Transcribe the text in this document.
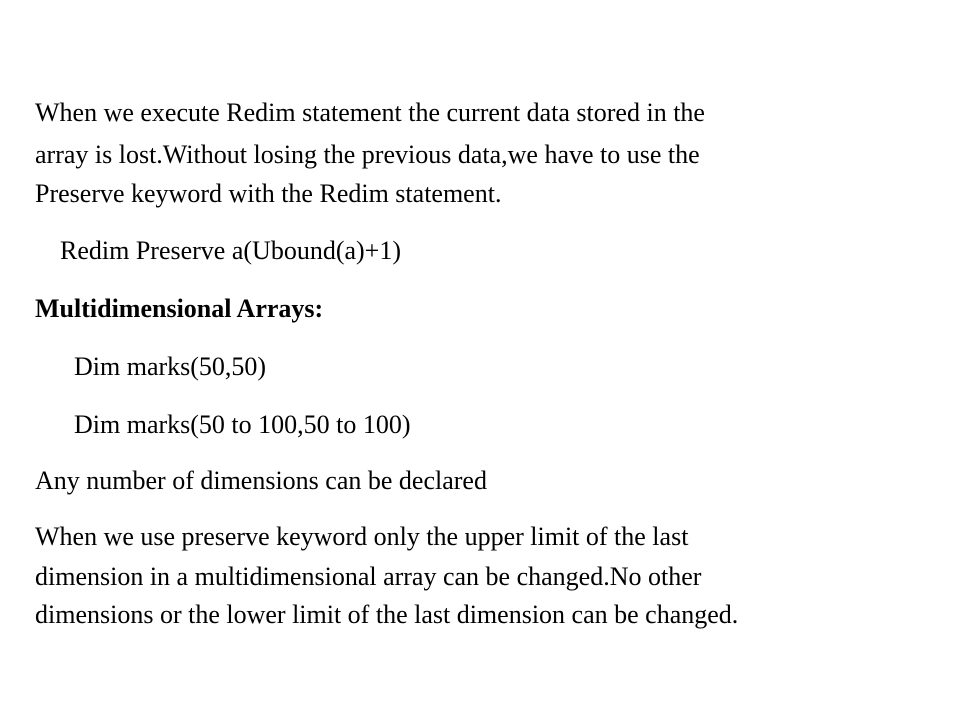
When we execute Redim statement the current data stored in the

array is lost.Without losing the previous data,we have to use the

Preserve keyword with the Redim statement.

Redim Preserve a(Ubound(a)+1)

Multidimensional Arrays:

Dim marks(50,50)

Dim marks(50 to 100,50 to 100)

Any number of dimensions can be declared

When we use preserve keyword only the upper limit of the last

dimension in a multidimensional array can be changed.No other

dimensions or the lower limit of the last dimension can be changed.
